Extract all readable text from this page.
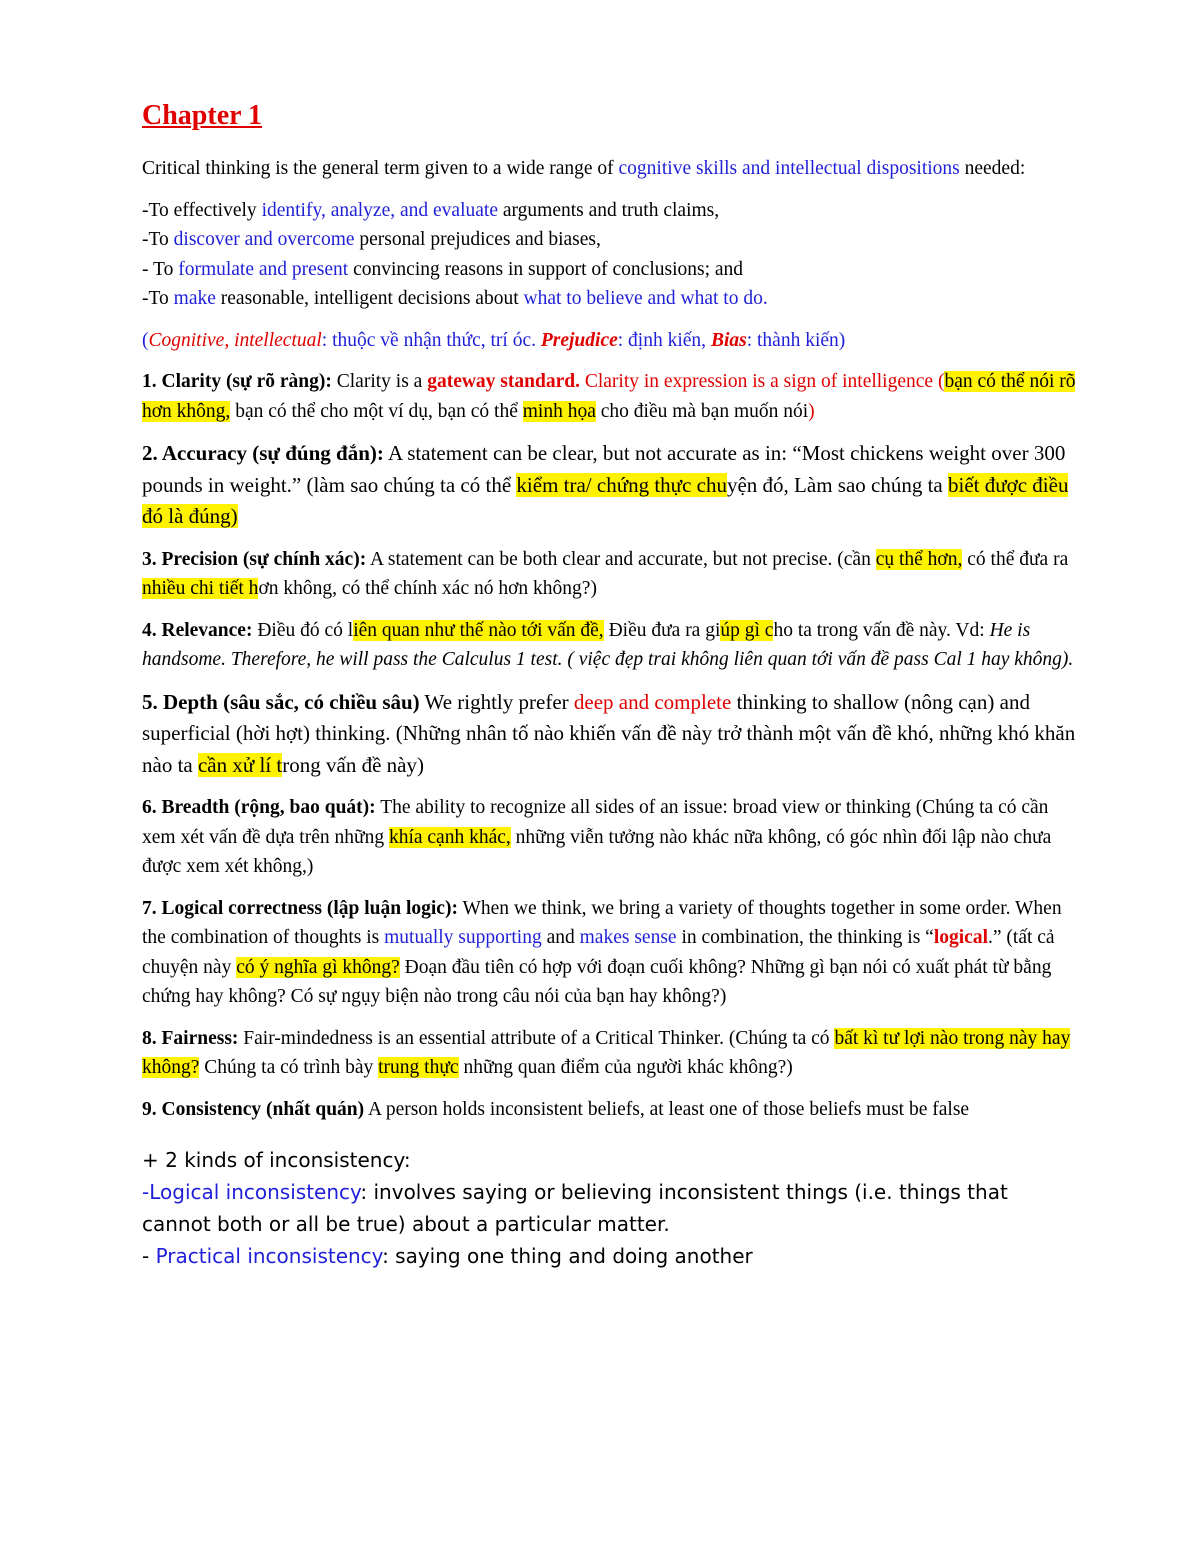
Chapter 1

Critical thinking is the general term given to a wide range of cognitive skills and intellectual dispositions needed:

-To effectively identify, analyze, and evaluate arguments and truth claims,

-To discover and overcome personal prejudices and biases,

- To formulate and present convincing reasons in support of conclusions; and

-To make reasonable, intelligent decisions about what to believe and what to do.

(Cognitive, intellectual: thuộc về nhận thức, trí óc. Prejudice: định kiến, Bias: thành kiến)

1. Clarity (sự rõ ràng): Clarity is a gateway standard. Clarity in expression is a sign of intelligence (bạn có thể nói rõ hơn không, bạn có thể cho một ví dụ, bạn có thể minh họa cho điều mà bạn muốn nói)

2. Accuracy (sự đúng đắn): A statement can be clear, but not accurate as in: “Most chickens weight over 300 pounds in weight.” (làm sao chúng ta có thể kiểm tra/ chứng thực chuyện đó, Làm sao chúng ta biết được điều đó là đúng)

3. Precision (sự chính xác): A statement can be both clear and accurate, but not precise. (cần cụ thể hơn, có thể đưa ra nhiều chi tiết hơn không, có thể chính xác nó hơn không?)

4. Relevance: Điều đó có liên quan như thế nào tới vấn đề, Điều đưa ra giúp gì cho ta trong vấn đề này. Vd: He is handsome. Therefore, he will pass the Calculus 1 test. ( việc đẹp trai không liên quan tới vấn đề pass Cal 1 hay không).

5. Depth (sâu sắc, có chiều sâu) We rightly prefer deep and complete thinking to shallow (nông cạn) and superficial (hời hợt) thinking. (Những nhân tố nào khiến vấn đề này trở thành một vấn đề khó, những khó khăn nào ta cần xử lí trong vấn đề này)

6. Breadth (rộng, bao quát): The ability to recognize all sides of an issue: broad view or thinking (Chúng ta có cần xem xét vấn đề dựa trên những khía cạnh khác, những viễn tưởng nào khác nữa không, có góc nhìn đối lập nào chưa được xem xét không,)

7. Logical correctness (lập luận logic): When we think, we bring a variety of thoughts together in some order. When the combination of thoughts is mutually supporting and makes sense in combination, the thinking is “logical.” (tất cả chuyện này có ý nghĩa gì không? Đoạn đầu tiên có hợp với đoạn cuối không? Những gì bạn nói có xuất phát từ bằng chứng hay không? Có sự ngụy biện nào trong câu nói của bạn hay không?)

8. Fairness: Fair-mindedness is an essential attribute of a Critical Thinker. (Chúng ta có bất kì tư lợi nào trong này hay không? Chúng ta có trình bày trung thực những quan điểm của người khác không?)

9. Consistency (nhất quán) A person holds inconsistent beliefs, at least one of those beliefs must be false

+ 2 kinds of inconsistency:

-Logical inconsistency: involves saying or believing inconsistent things (i.e. things that cannot both or all be true) about a particular matter.

- Practical inconsistency: saying one thing and doing another
